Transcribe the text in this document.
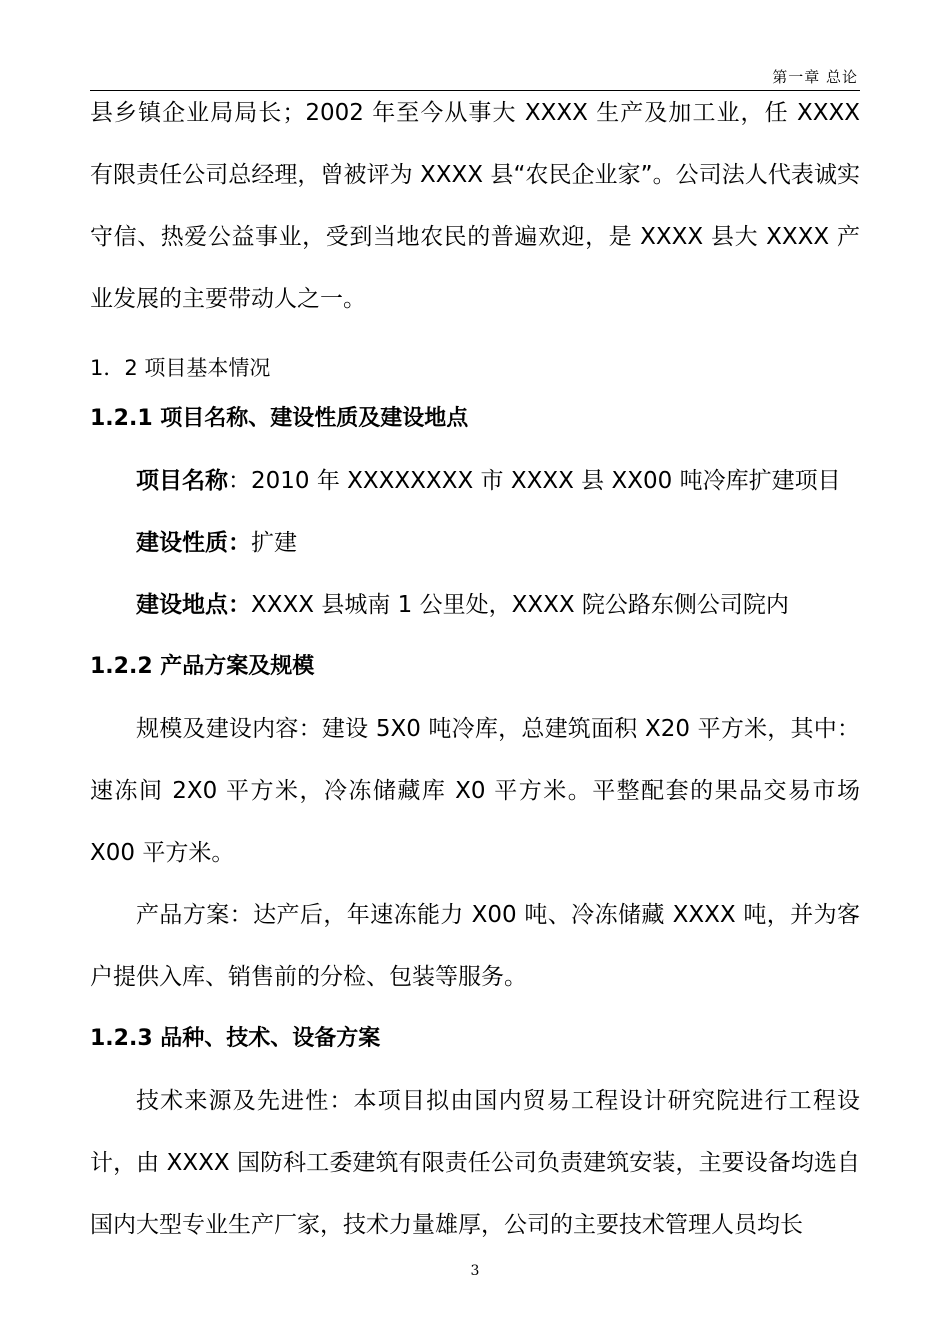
第一章 总论

县乡镇企业局局长；2002 年至今从事大 XXXX 生产及加工业，任 XXXX 有限责任公司总经理，曾被评为 XXXX 县“农民企业家”。公司法人代表诚实守信、热爱公益事业，受到当地农民的普遍欢迎，是 XXXX 县大 XXXX 产业发展的主要带动人之一。

1．2 项目基本情况

1.2.1 项目名称、建设性质及建设地点

项目名称：2010 年 XXXXXXXX 市 XXXX 县 XX00 吨冷库扩建项目

建设性质：扩建

建设地点：XXXX 县城南 1 公里处，XXXX 院公路东侧公司院内

1.2.2 产品方案及规模

规模及建设内容：建设 5X0 吨冷库，总建筑面积 X20 平方米，其中：速冻间 2X0 平方米，冷冻储藏库 X0 平方米。平整配套的果品交易市场 X00 平方米。

产品方案：达产后，年速冻能力 X00 吨、冷冻储藏 XXXX 吨，并为客户提供入库、销售前的分检、包装等服务。

1.2.3 品种、技术、设备方案

技术来源及先进性：本项目拟由国内贸易工程设计研究院进行工程设计，由 XXXX 国防科工委建筑有限责任公司负责建筑安装，主要设备均选自国内大型专业生产厂家，技术力量雄厚，公司的主要技术管理人员均长

3
